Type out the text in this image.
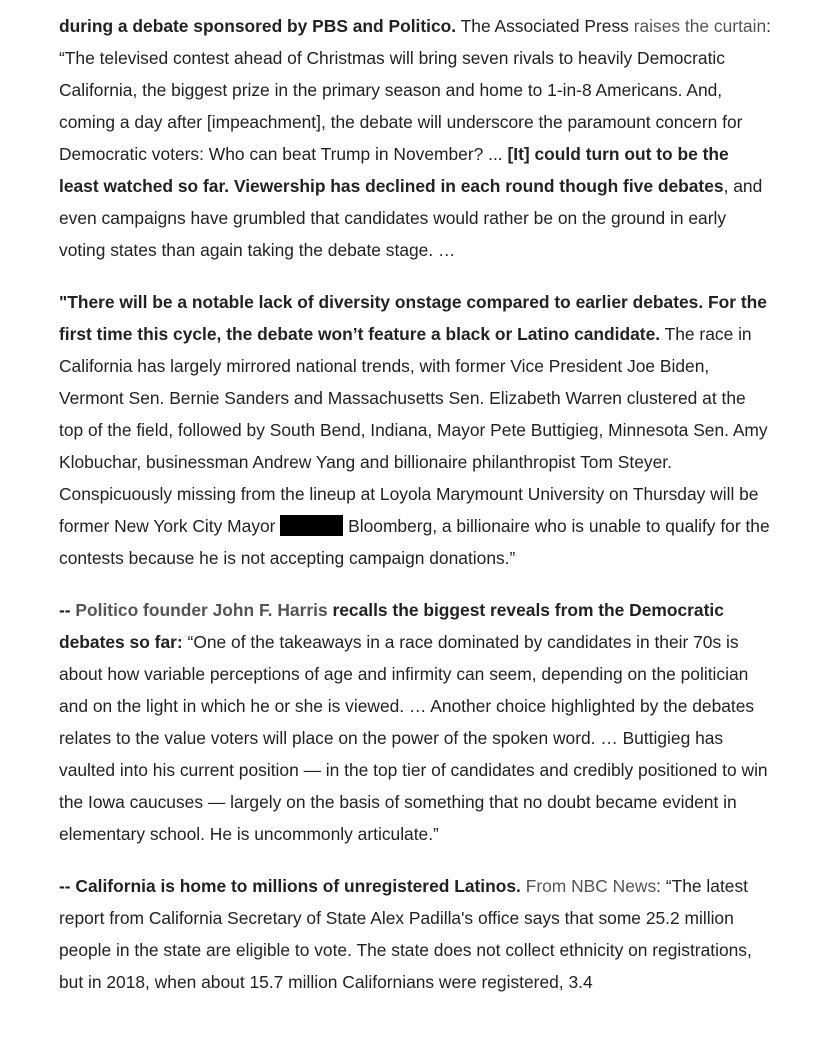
during a debate sponsored by PBS and Politico. The Associated Press raises the curtain: “The televised contest ahead of Christmas will bring seven rivals to heavily Democratic California, the biggest prize in the primary season and home to 1-in-8 Americans. And, coming a day after [impeachment], the debate will underscore the paramount concern for Democratic voters: Who can beat Trump in November? ... [It] could turn out to be the least watched so far. Viewership has declined in each round though five debates, and even campaigns have grumbled that candidates would rather be on the ground in early voting states than again taking the debate stage. …

"There will be a notable lack of diversity onstage compared to earlier debates. For the first time this cycle, the debate won’t feature a black or Latino candidate. The race in California has largely mirrored national trends, with former Vice President Joe Biden, Vermont Sen. Bernie Sanders and Massachusetts Sen. Elizabeth Warren clustered at the top of the field, followed by South Bend, Indiana, Mayor Pete Buttigieg, Minnesota Sen. Amy Klobuchar, businessman Andrew Yang and billionaire philanthropist Tom Steyer. Conspicuously missing from the lineup at Loyola Marymount University on Thursday will be former New York City Mayor	Bloomberg, a billionaire who is unable to qualify for the contests because he is not accepting campaign donations.”

-- Politico founder John F. Harris recalls the biggest reveals from the Democratic debates so far: “One of the takeaways in a race dominated by candidates in their 70s is about how variable perceptions of age and infirmity can seem, depending on the politician and on the light in which he or she is viewed. … Another choice highlighted by the debates relates to the value voters will place on the power of the spoken word. … Buttigieg has vaulted into his current position — in the top tier of candidates and credibly positioned to win the Iowa caucuses — largely on the basis of something that no doubt became evident in elementary school. He is uncommonly articulate.”

-- California is home to millions of unregistered Latinos. From NBC News: “The latest report from California Secretary of State Alex Padilla's office says that some 25.2 million people in the state are eligible to vote. The state does not collect ethnicity on registrations, but in 2018, when about 15.7 million Californians were registered, 3.4
